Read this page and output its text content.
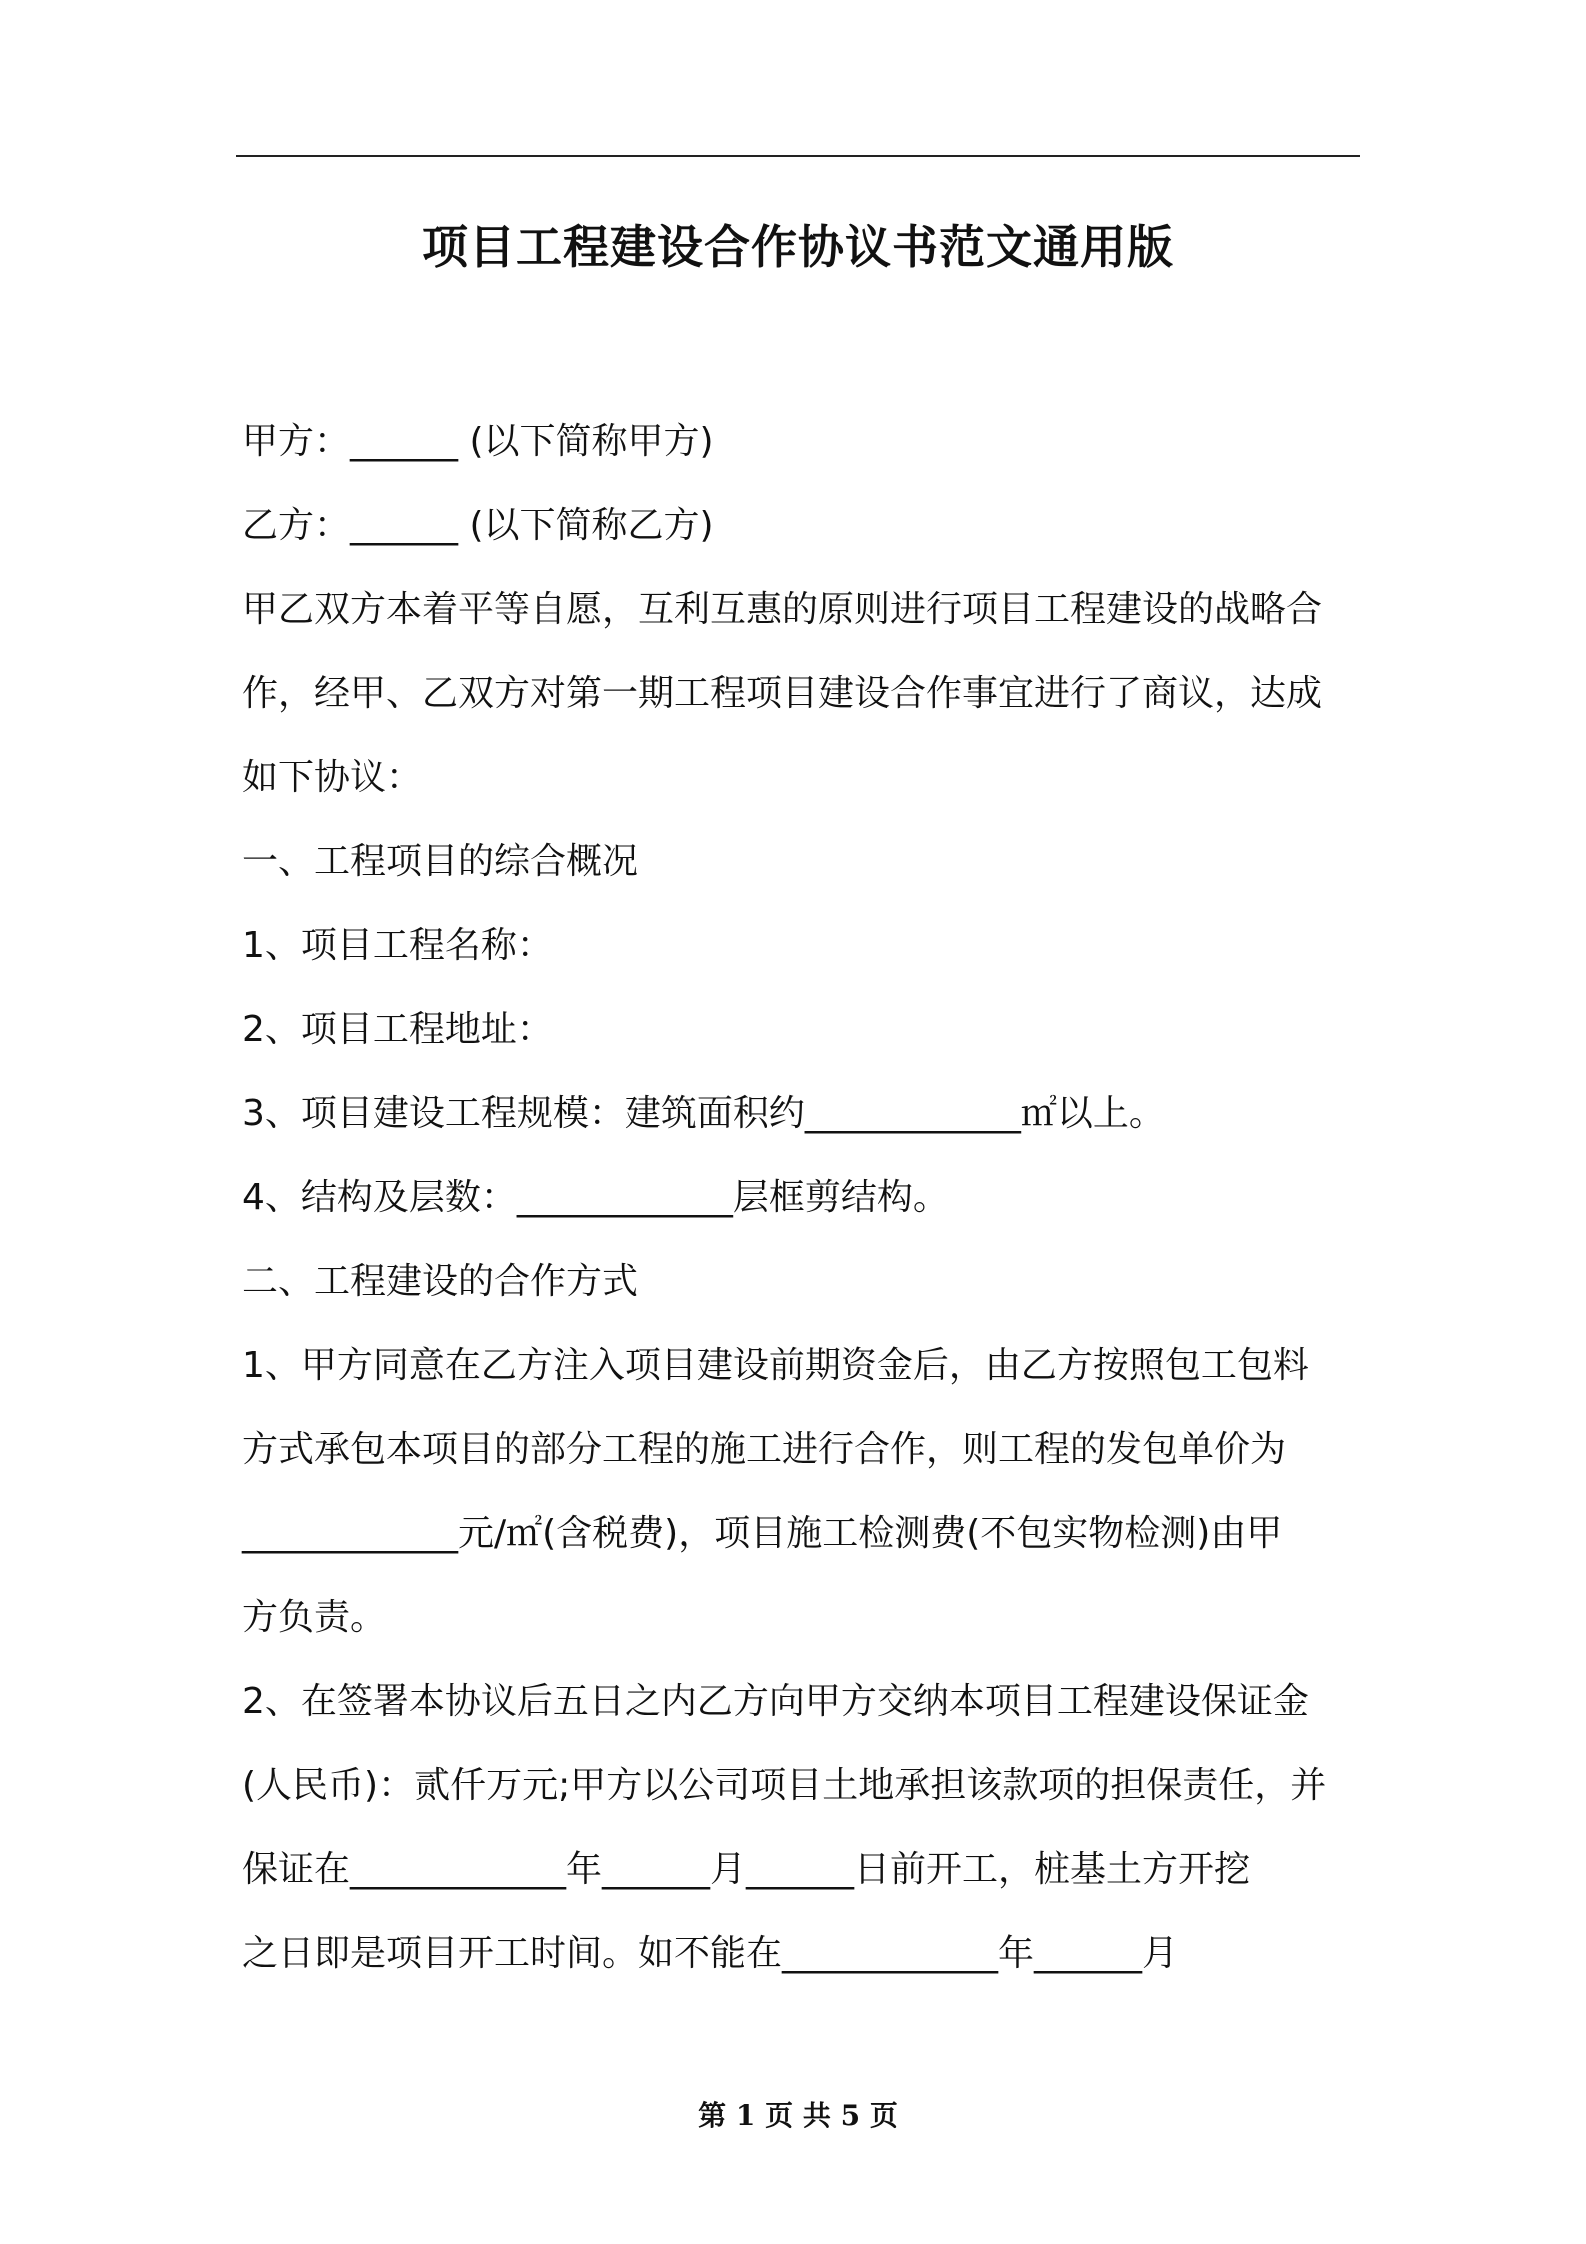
项目工程建设合作协议书范文通用版
甲方：______ (以下简称甲方)
乙方：______ (以下简称乙方)
甲乙双方本着平等自愿，互利互惠的原则进行项目工程建设的战略合
作，经甲、乙双方对第一期工程项目建设合作事宜进行了商议，达成
如下协议：
一、工程项目的综合概况
1、项目工程名称：
2、项目工程地址：
3、项目建设工程规模：建筑面积约____________㎡以上。
4、结构及层数：____________层框剪结构。
二、工程建设的合作方式
1、甲方同意在乙方注入项目建设前期资金后，由乙方按照包工包料
方式承包本项目的部分工程的施工进行合作，则工程的发包单价为
____________元/㎡(含税费)，项目施工检测费(不包实物检测)由甲
方负责。
2、在签署本协议后五日之内乙方向甲方交纳本项目工程建设保证金
(人民币)：贰仟万元;甲方以公司项目土地承担该款项的担保责任，并
保证在____________年______月______日前开工，桩基土方开挖
之日即是项目开工时间。如不能在____________年______月
第 1 页 共 5 页
